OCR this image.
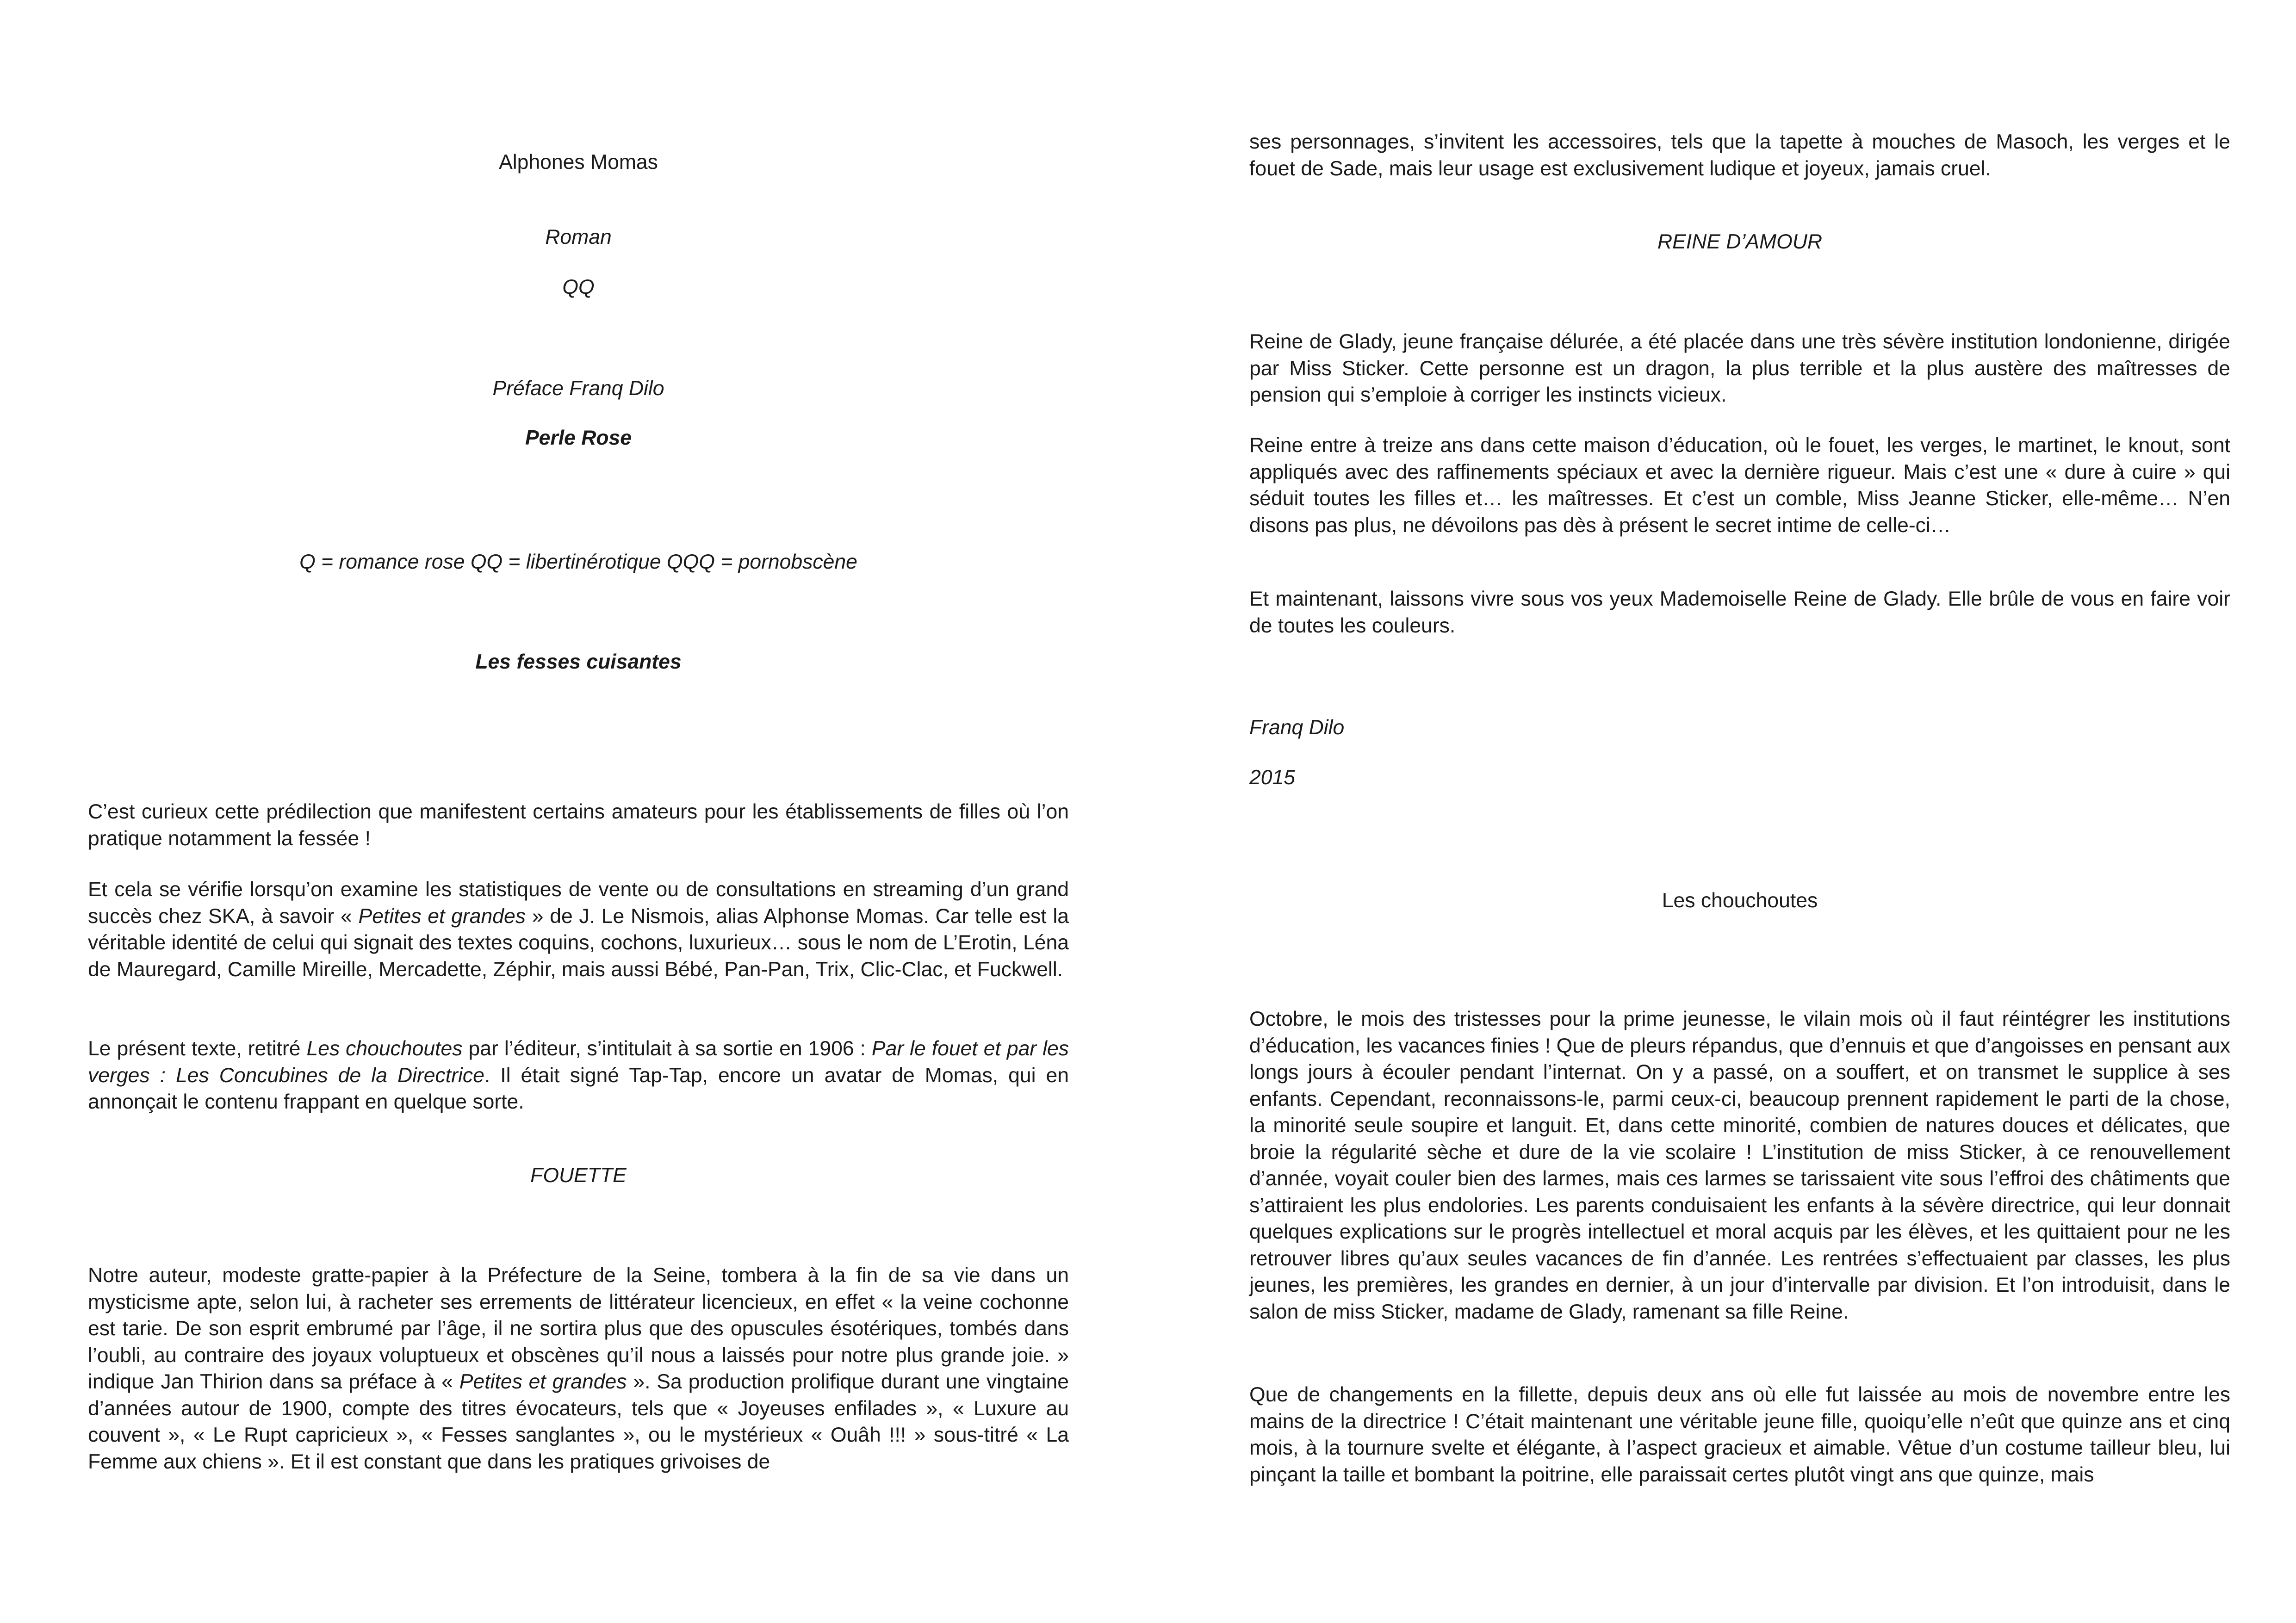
Alphones Momas

Roman

QQ

Préface Franq Dilo

Perle Rose

Q = romance rose QQ = libertinérotique QQQ = pornobscène

Les fesses cuisantes

C’est curieux cette prédilection que manifestent certains amateurs pour les établissements de filles où l’on pratique notamment la fessée !

Et cela se vérifie lorsqu’on examine les statistiques de vente ou de consultations en streaming d’un grand succès chez SKA, à savoir « Petites et grandes » de J. Le Nismois, alias Alphonse Momas. Car telle est la véritable identité de celui qui signait des textes coquins, cochons, luxurieux… sous le nom de L’Erotin, Léna de Mauregard, Camille Mireille, Mercadette, Zéphir, mais aussi Bébé, Pan-Pan, Trix, Clic-Clac, et Fuckwell.

Le présent texte, retitré Les chouchoutes par l’éditeur, s’intitulait à sa sortie en 1906 : Par le fouet et par les verges : Les Concubines de la Directrice. Il était signé Tap-Tap, encore un avatar de Momas, qui en annonçait le contenu frappant en quelque sorte.

FOUETTE

Notre auteur, modeste gratte-papier à la Préfecture de la Seine, tombera à la fin de sa vie dans un mysticisme apte, selon lui, à racheter ses errements de littérateur licencieux, en effet « la veine cochonne est tarie. De son esprit embrumé par l’âge, il ne sortira plus que des opuscules ésotériques, tombés dans l’oubli, au contraire des joyaux voluptueux et obscènes qu’il nous a laissés pour notre plus grande joie. » indique Jan Thirion dans sa préface à « Petites et grandes ». Sa production prolifique durant une vingtaine d’années autour de 1900, compte des titres évocateurs, tels que « Joyeuses enfilades », « Luxure au couvent », « Le Rupt capricieux », « Fesses sanglantes », ou le mystérieux « Ouâh !!! » sous-titré « La Femme aux chiens ». Et il est constant que dans les pratiques grivoises de

ses personnages, s’invitent les accessoires, tels que la tapette à mouches de Masoch, les verges et le fouet de Sade, mais leur usage est exclusivement ludique et joyeux, jamais cruel.

REINE D’AMOUR

Reine de Glady, jeune française délurée, a été placée dans une très sévère institution londonienne, dirigée par Miss Sticker. Cette personne est un dragon, la plus terrible et la plus austère des maîtresses de pension qui s’emploie à corriger les instincts vicieux.

Reine entre à treize ans dans cette maison d’éducation, où le fouet, les verges, le martinet, le knout, sont appliqués avec des raffinements spéciaux et avec la dernière rigueur. Mais c’est une « dure à cuire » qui séduit toutes les filles et… les maîtresses. Et c’est un comble, Miss Jeanne Sticker, elle-même… N’en disons pas plus, ne dévoilons pas dès à présent le secret intime de celle-ci…

Et maintenant, laissons vivre sous vos yeux Mademoiselle Reine de Glady. Elle brûle de vous en faire voir de toutes les couleurs.

Franq Dilo

2015

Les chouchoutes

Octobre, le mois des tristesses pour la prime jeunesse, le vilain mois où il faut réintégrer les institutions d’éducation, les vacances finies ! Que de pleurs répandus, que d’ennuis et que d’angoisses en pensant aux longs jours à écouler pendant l’internat. On y a passé, on a souffert, et on transmet le supplice à ses enfants. Cependant, reconnaissons-le, parmi ceux-ci, beaucoup prennent rapidement le parti de la chose, la minorité seule soupire et languit. Et, dans cette minorité, combien de natures douces et délicates, que broie la régularité sèche et dure de la vie scolaire ! L’institution de miss Sticker, à ce renouvellement d’année, voyait couler bien des larmes, mais ces larmes se tarissaient vite sous l’effroi des châtiments que s’attiraient les plus endolories. Les parents conduisaient les enfants à la sévère directrice, qui leur donnait quelques explications sur le progrès intellectuel et moral acquis par les élèves, et les quittaient pour ne les retrouver libres qu’aux seules vacances de fin d’année. Les rentrées s’effectuaient par classes, les plus jeunes, les premières, les grandes en dernier, à un jour d’intervalle par division. Et l’on introduisit, dans le salon de miss Sticker, madame de Glady, ramenant sa fille Reine.

Que de changements en la fillette, depuis deux ans où elle fut laissée au mois de novembre entre les mains de la directrice ! C’était maintenant une véritable jeune fille, quoiqu’elle n’eût que quinze ans et cinq mois, à la tournure svelte et élégante, à l’aspect gracieux et aimable. Vêtue d’un costume tailleur bleu, lui pinçant la taille et bombant la poitrine, elle paraissait certes plutôt vingt ans que quinze, mais
